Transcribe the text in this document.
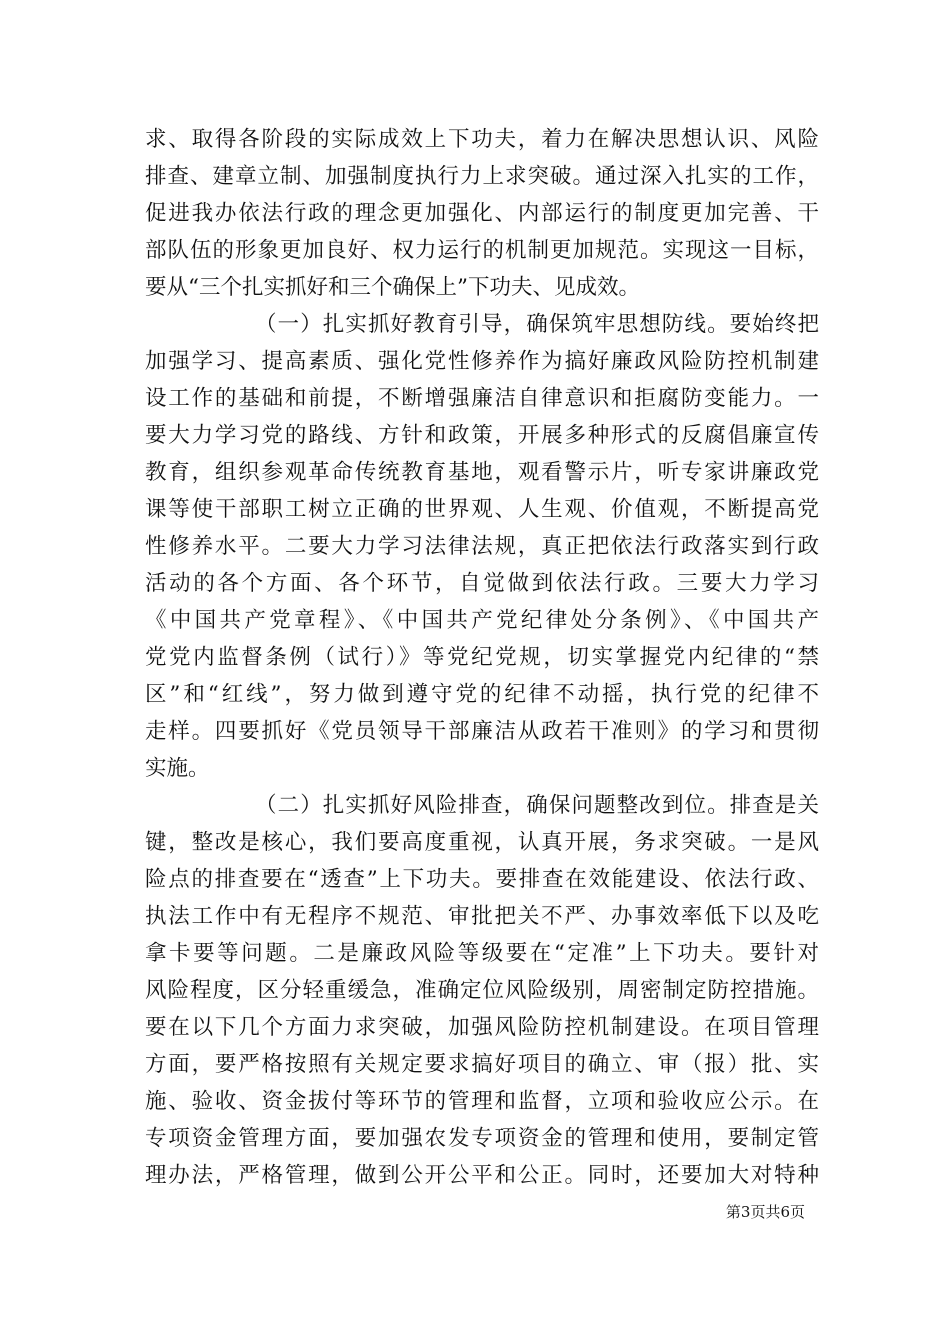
求、取得各阶段的实际成效上下功夫，着力在解决思想认识、风险
排查、建章立制、加强制度执行力上求突破。通过深入扎实的工作，
促进我办依法行政的理念更加强化、内部运行的制度更加完善、干
部队伍的形象更加良好、权力运行的机制更加规范。实现这一目标，
要从“三个扎实抓好和三个确保上”下功夫、见成效。
（一）扎实抓好教育引导，确保筑牢思想防线。要始终把
加强学习、提高素质、强化党性修养作为搞好廉政风险防控机制建
设工作的基础和前提，不断增强廉洁自律意识和拒腐防变能力。一
要大力学习党的路线、方针和政策，开展多种形式的反腐倡廉宣传
教育，组织参观革命传统教育基地，观看警示片，听专家讲廉政党
课等使干部职工树立正确的世界观、人生观、价值观，不断提高党
性修养水平。二要大力学习法律法规，真正把依法行政落实到行政
活动的各个方面、各个环节，自觉做到依法行政。三要大力学习
《中国共产党章程》、《中国共产党纪律处分条例》、《中国共产
党党内监督条例（试行）》等党纪党规，切实掌握党内纪律的“禁
区”和“红线”，努力做到遵守党的纪律不动摇，执行党的纪律不
走样。四要抓好《党员领导干部廉洁从政若干准则》的学习和贯彻
实施。
（二）扎实抓好风险排查，确保问题整改到位。排查是关
键，整改是核心，我们要高度重视，认真开展，务求突破。一是风
险点的排查要在“透查”上下功夫。要排查在效能建设、依法行政、
执法工作中有无程序不规范、审批把关不严、办事效率低下以及吃
拿卡要等问题。二是廉政风险等级要在“定准”上下功夫。要针对
风险程度，区分轻重缓急，准确定位风险级别，周密制定防控措施。
要在以下几个方面力求突破，加强风险防控机制建设。在项目管理
方面，要严格按照有关规定要求搞好项目的确立、审（报）批、实
施、验收、资金拔付等环节的管理和监督，立项和验收应公示。在
专项资金管理方面，要加强农发专项资金的管理和使用，要制定管
理办法，严格管理，做到公开公平和公正。同时，还要加大对特种
第3页共6页
